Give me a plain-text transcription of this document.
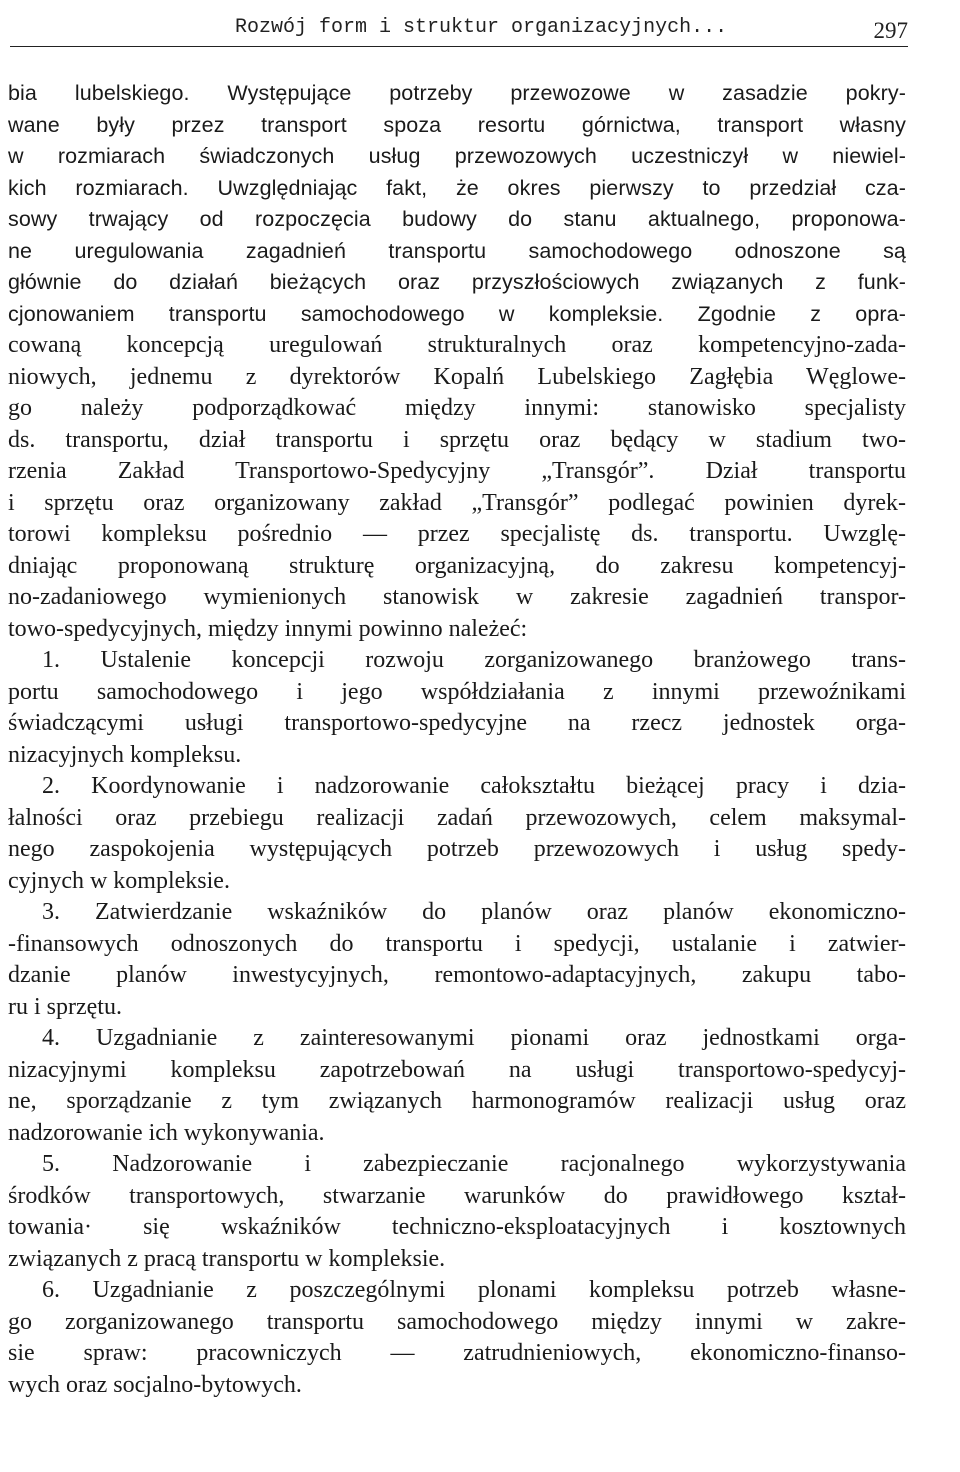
Rozwój form i struktur organizacyjnych...	297
bia lubelskiego. Występujące potrzeby przewozowe w zasadzie pokry-
wane były przez transport spoza resortu górnictwa, transport własny
w rozmiarach świadczonych usług przewozowych uczestniczył w niewiel-
kich rozmiarach. Uwzględniając fakt, że okres pierwszy to przedział cza-
sowy trwający od rozpoczęcia budowy do stanu aktualnego, proponowa-
ne uregulowania zagadnień transportu samochodowego odnoszone są
głównie do działań bieżących oraz przyszłościowych związanych z funk-
cjonowaniem transportu samochodowego w kompleksie. Zgodnie z opra-
cowaną koncepcją uregulowań strukturalnych oraz kompetencyjno-zada-
niowych, jednemu z dyrektorów Kopalń Lubelskiego Zagłębia Węglowe-
go należy podporządkować między innymi: stanowisko specjalisty
ds. transportu, dział transportu i sprzętu oraz będący w stadium two-
rzenia Zakład Transportowo-Spedycyjny „Transgór”. Dział transportu
i sprzętu oraz organizowany zakład „Transgór” podlegać powinien dyrek-
torowi kompleksu pośrednio — przez specjalistę ds. transportu. Uwzglę-
dniając proponowaną strukturę organizacyjną, do zakresu kompetencyj-
no-zadaniowego wymienionych stanowisk w zakresie zagadnień transpor-
towo-spedycyjnych, między innymi powinno należeć:
1. Ustalenie koncepcji rozwoju zorganizowanego branżowego trans-
portu samochodowego i jego współdziałania z innymi przewoźnikami
świadczącymi usługi transportowo-spedycyjne na rzecz jednostek orga-
nizacyjnych kompleksu.
2. Koordynowanie i nadzorowanie całokształtu bieżącej pracy i dzia-
łalności oraz przebiegu realizacji zadań przewozowych, celem maksymal-
nego zaspokojenia występujących potrzeb przewozowych i usług spedy-
cyjnych w kompleksie.
3. Zatwierdzanie wskaźników do planów oraz planów ekonomiczno-
-finansowych odnoszonych do transportu i spedycji, ustalanie i zatwier-
dzanie planów inwestycyjnych, remontowo-adaptacyjnych, zakupu tabo-
ru i sprzętu.
4. Uzgadnianie z zainteresowanymi pionami oraz jednostkami orga-
nizacyjnymi kompleksu zapotrzebowań na usługi transportowo-spedycyj-
ne, sporządzanie z tym związanych harmonogramów realizacji usług oraz
nadzorowanie ich wykonywania.
5. Nadzorowanie i zabezpieczanie racjonalnego wykorzystywania
środków transportowych, stwarzanie warunków do prawidłowego kształ-
towania· się wskaźników techniczno-eksploatacyjnych i kosztownych
związanych z pracą transportu w kompleksie.
6. Uzgadnianie z poszczególnymi plonami kompleksu potrzeb własne-
go zorganizowanego transportu samochodowego między innymi w zakre-
sie spraw: pracowniczych — zatrudnieniowych, ekonomiczno-finanso-
wych oraz socjalno-bytowych.
